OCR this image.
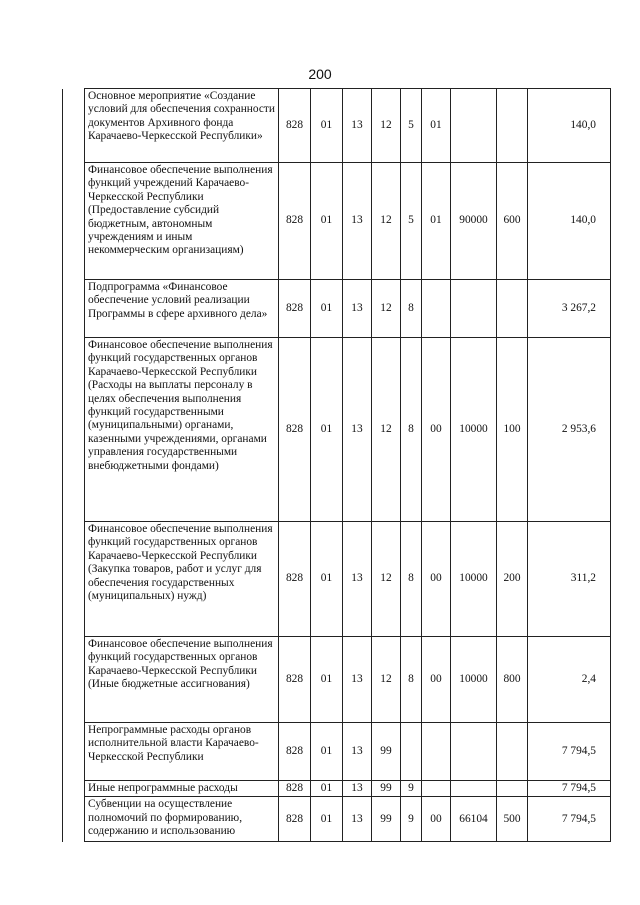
200
	Основное мероприятие «Создание условий для обеспечения сохранности документов Архивного фонда Карачаево-Черкесской Республики»	828	01	13	12	5	01			140,0
	Финансовое обеспечение выполнения функций учреждений Карачаево-Черкесской Республики (Предоставление субсидий бюджетным, автономным учреждениям и иным некоммерческим организациям)	828	01	13	12	5	01	90000	600	140,0
	Подпрограмма «Финансовое обеспечение условий реализации Программы в сфере архивного дела»	828	01	13	12	8				3 267,2
	Финансовое обеспечение выполнения функций государственных органов Карачаево-Черкесской Республики (Расходы на выплаты персоналу в целях обеспечения выполнения функций государственными (муниципальными) органами, казенными учреждениями, органами управления государственными внебюджетными фондами)	828	01	13	12	8	00	10000	100	2 953,6
	Финансовое обеспечение выполнения функций государственных органов Карачаево-Черкесской Республики (Закупка товаров, работ и услуг для обеспечения государственных (муниципальных) нужд)	828	01	13	12	8	00	10000	200	311,2
	Финансовое обеспечение выполнения функций государственных органов Карачаево-Черкесской Республики (Иные бюджетные ассигнования)	828	01	13	12	8	00	10000	800	2,4
	Непрограммные расходы органов исполнительной власти Карачаево-Черкесской Республики	828	01	13	99					7 794,5
	Иные непрограммные расходы	828	01	13	99	9				7 794,5
	Субвенции на осуществление полномочий по формированию, содержанию и использованию	828	01	13	99	9	00	66104	500	7 794,5
